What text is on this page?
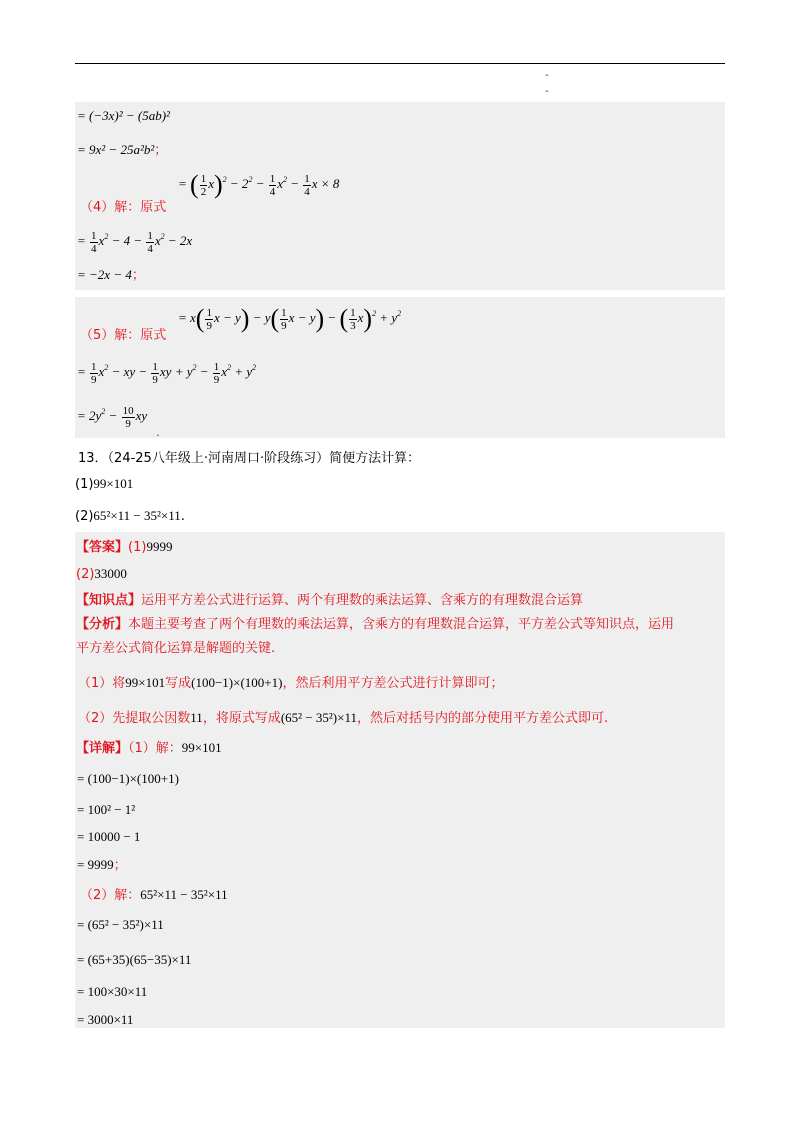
-
-
= (−3x)² − (5ab)²
= 9x² − 25a²b²；
（4）解：原式
= ( $\frac{1}{2} x)^2 - 2^2 - \frac{1}{4} x^2 - \frac{1}{4}$ x × 8
= $\frac{1}{4} x^2 - 4 - \frac{1}{4} x^2 - 2x$
= −2x − 4；
（5）解：原式
= $x( \frac{1}{9}$ $x - y) - y( \frac{1}{9}$ x − y) − ( $\frac{1}{3} x)^2 + y^2$
= $\frac{1}{9} x^2$ − xy − $\frac{1}{9}$ xy + $y^2 - \frac{1}{9} x^2 + y^2$
= $2y^2 - \frac{10}{9}$ xy
.
13．（24-25八年级上·河南周口·阶段练习）简便方法计算：
(1)99×101
(2)65²×11 − 35²×11.
【答案】(1)9999
(2)33000
【知识点】运用平方差公式进行运算、两个有理数的乘法运算、含乘方的有理数混合运算
【分析】本题主要考查了两个有理数的乘法运算，含乘方的有理数混合运算，平方差公式等知识点，运用
平方差公式简化运算是解题的关键.
（1）将99×101写成(100−1)×(100+1)，然后利用平方差公式进行计算即可；
（2）先提取公因数11，将原式写成(65² − 35²)×11，然后对括号内的部分使用平方差公式即可.
【详解】（1）解：99×101
= (100−1)×(100+1)
= 100² − 1²
= 10000 − 1
= 9999；
（2）解：65²×11 − 35²×11
= (65² − 35²)×11
= (65+35)(65−35)×11
= 100×30×11
= 3000×11
